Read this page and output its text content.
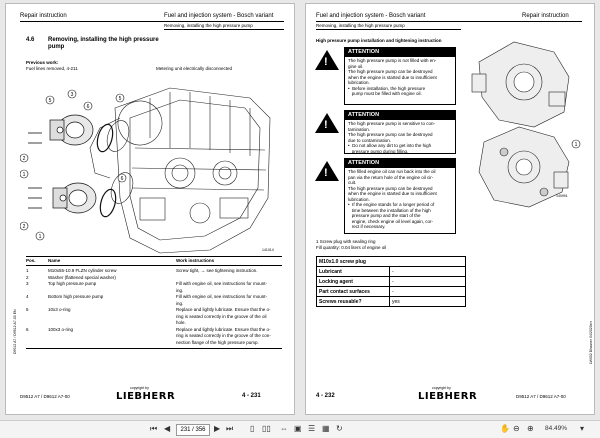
Repair instruction	Fuel and injection system - Bosch variant
Removing, installing the high pressure pump
4.6 Removing, installing the high pressure
pump
Previous work:
Fuel lines removed, 4-211	Metering unit electrically disconnected
5
3
6
5
2
1
2
1
6
141014
Pos.	Name	Work instructions
1	M10x55-10.9 FLZN cylinder screw	Screw tight, → see tightening instruction.
2	Washer (flattened special washer)
3	Top high pressure pump	Fill with engine oil, see instructions for mount-
ing.
4	Bottom high pressure pump	Fill with engine oil, see instructions for mount-
ing.
5	10x3 o-ring	Replace and lightly lubricate. Ensure that the o-
ring is seated correctly in the groove of the oil
hole.
6	100x3 o-ring	Replace and lightly lubricate. Ensure that the o-
ring is seated correctly in the groove of the con-
nection flange of the high pressure pump.
D9512 A7 / D9612 A7-00 EN
D9512 A7 / D9612 A7-00
copyright by
LIEBHERR	4 - 231
Fuel and injection system - Bosch variant	Repair instruction
Removing, installing the high pressure pump
High pressure pump installation and tightening instruction
!
ATTENTION
The high pressure pump is not filled with en-
gine oil.
The high pressure pump can be destroyed
when the engine is started due to insufficient
lubrication.
•  Before installation, the high pressure
pump must be filled with engine oil.
!
ATTENTION
The high pressure pump is sensitive to con-
tamination.
The high pressure pump can be destroyed
due to contamination.
•  Do not allow any dirt to get into the high
pressure pump during filling.
!
ATTENTION
The filled engine oil can run back into the oil
pan via the return hole of the engine oil cir-
cuit.
The high pressure pump can be destroyed
when the engine is started due to insufficient
lubrication.
•  If the engine stands for a longer period of
time between the installation of the high
pressure pump and the start of the
engine, check engine oil level again, cor-
rect if necessary.
1
140991
1 Screw plug with sealing ring
Fill quantity: 0.04 liters of engine oil
M10x1.0 screw plug	
Lubricant	-
Locking agent	-
Part contact surfaces	-
Screws reusable?	yes
LW002 Dhauser 04/2020en
4 - 232
copyright by
LIEBHERR	D9512 A7 / D9612 A7-00
⏮ ◀	231 / 356	▶ ⏭ ▯ ▯▯ ⇔ ▣ ☰ ▦ ↻	✋ ⊖ ⊕ 84.49% ▾
